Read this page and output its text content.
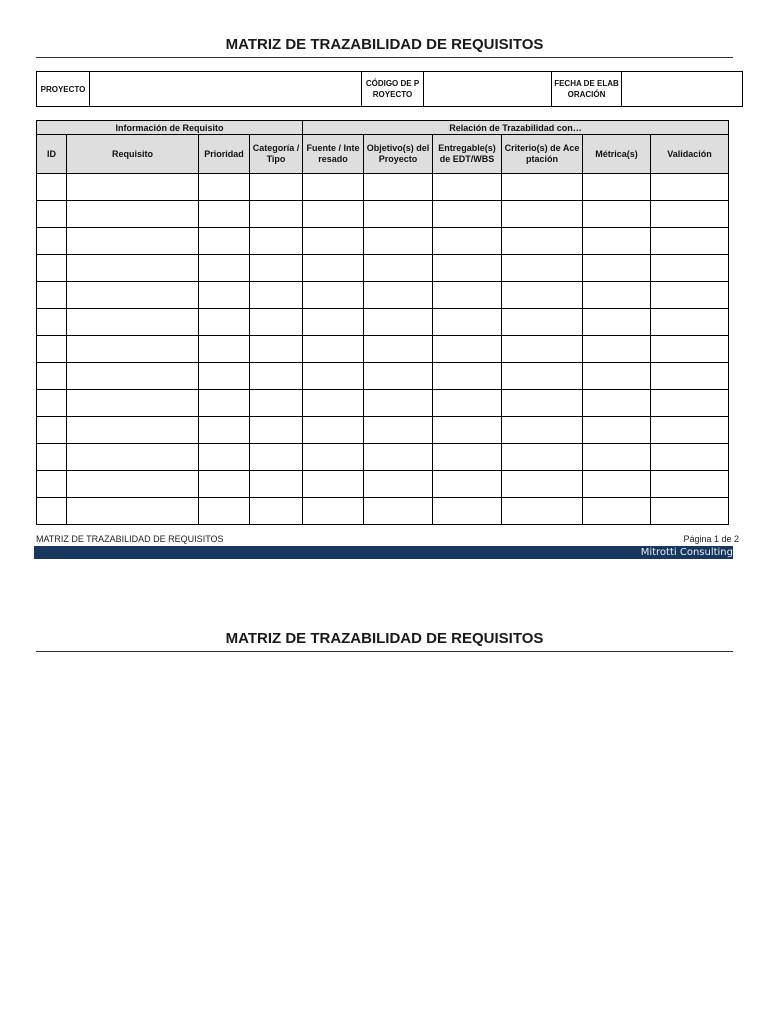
MATRIZ DE TRAZABILIDAD DE REQUISITOS
PROYECTO		CÓDIGO DE PROYECTO		FECHA DE ELABORACIÓN	
Información de Requisito				Relación de Trazabilidad con…					
ID	Requisito	Prioridad	Categoría / Tipo	Fuente / Interesado	Objetivo(s) del Proyecto	Entregable(s) de EDT/WBS	Criterio(s) de Aceptación	Métrica(s)	Validación

MATRIZ DE TRAZABILIDAD DE REQUISITOS	Página 1 de 2
Mitrotti Consulting
MATRIZ DE TRAZABILIDAD DE REQUISITOS
